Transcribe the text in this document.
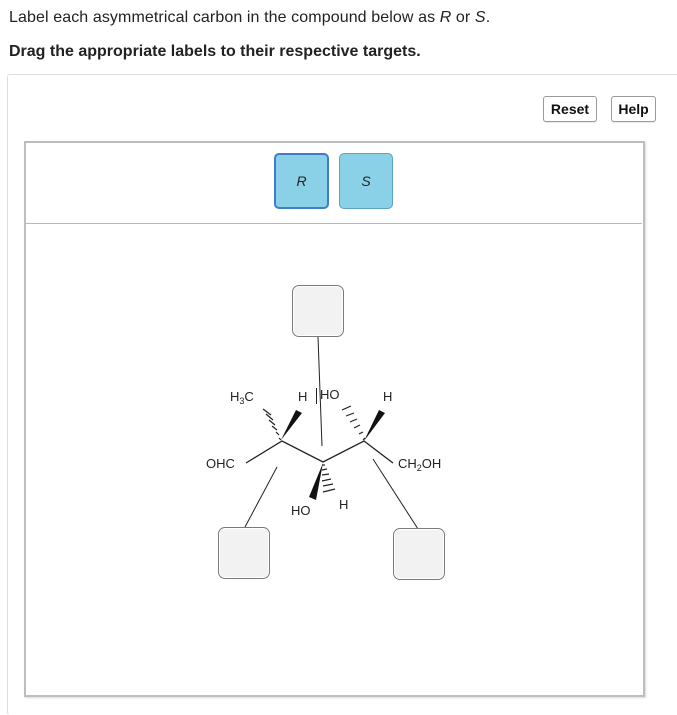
Label each asymmetrical carbon in the compound below as R or S.
Drag the appropriate labels to their respective targets.
Reset	Help
R	S
$H_3C$	H HO	H
OHC	$CH_2OH$
HO H
